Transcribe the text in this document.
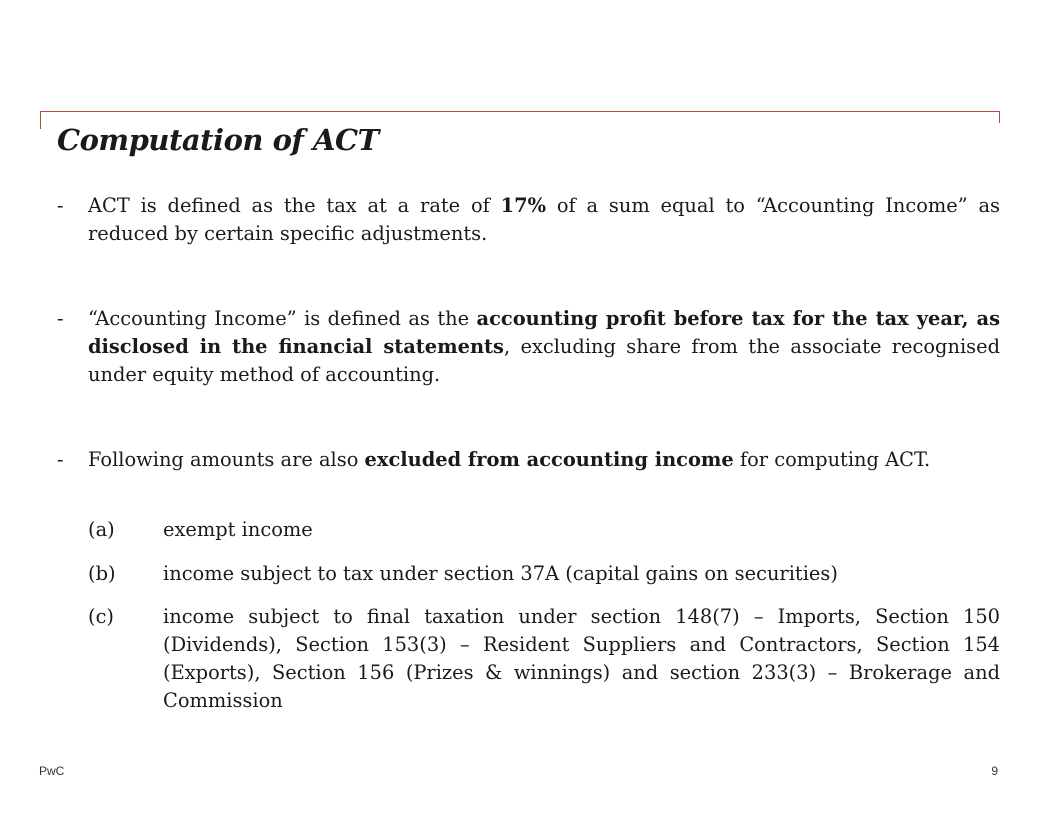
Computation of ACT
-	ACT is defined as the tax at a rate of 17% of a sum equal to “Accounting Income” as reduced by certain specific adjustments.
-	“Accounting Income” is defined as the accounting profit before tax for the tax year, as disclosed in the financial statements, excluding share from the associate recognised under equity method of accounting.
-	Following amounts are also excluded from accounting income for computing ACT.
(a)	exempt income
(b)	income subject to tax under section 37A (capital gains on securities)
(c)	income subject to final taxation under section 148(7) – Imports, Section 150 (Dividends), Section 153(3) – Resident Suppliers and Contractors, Section 154 (Exports), Section 156 (Prizes & winnings) and section 233(3) – Brokerage and Commission
PwC	9
